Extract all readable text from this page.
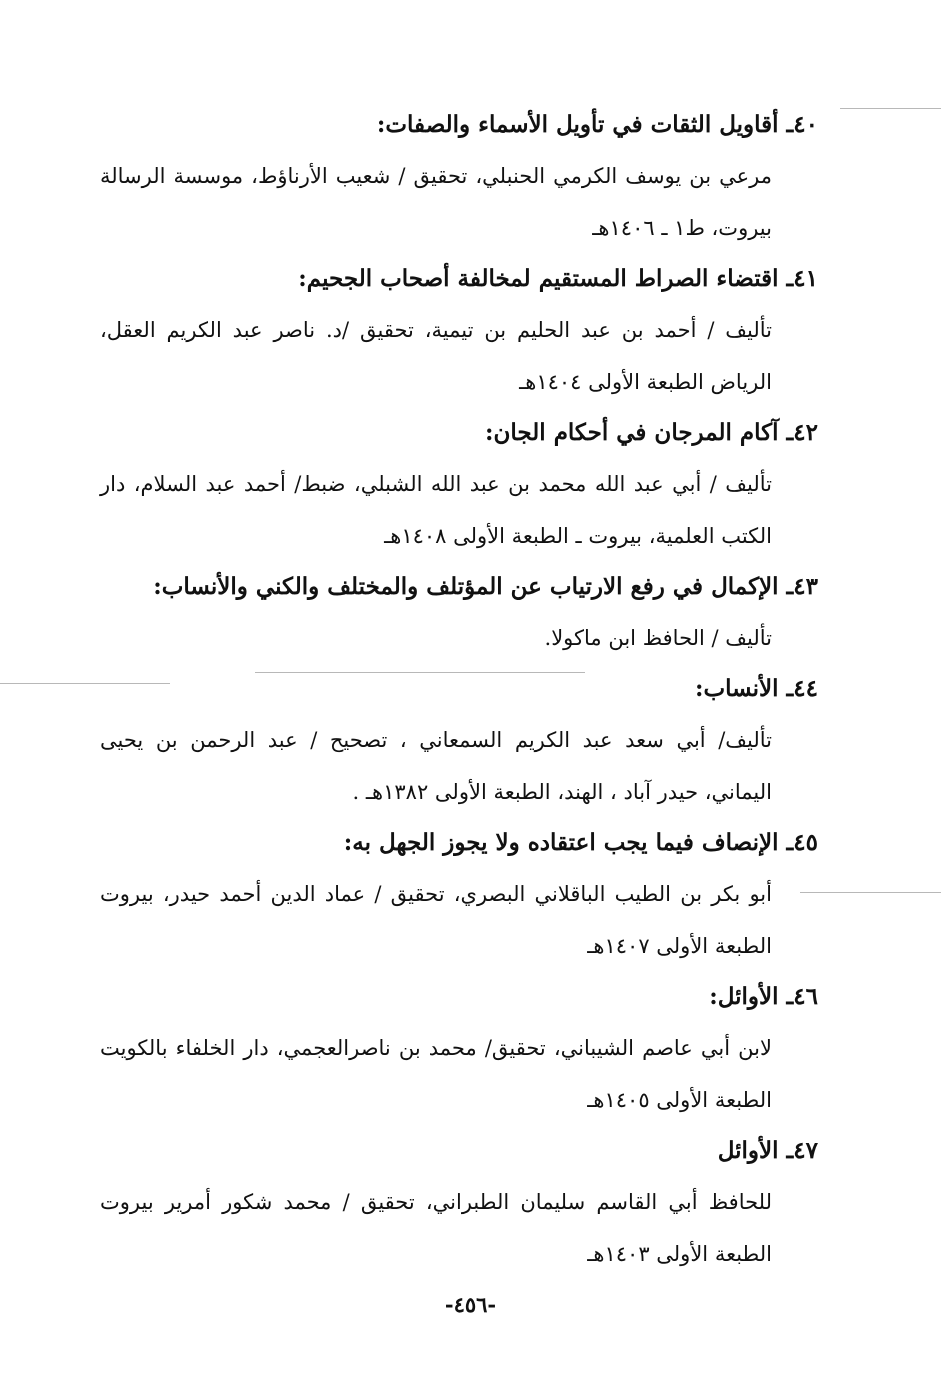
٤٠ـ أقاويل الثقات في تأويل الأسماء والصفات:
مرعي بن يوسف الكرمي الحنبلي، تحقيق / شعيب الأرناؤط، موسسة الرسالة بيروت، ط١ ـ ١٤٠٦هـ
٤١ـ اقتضاء الصراط المستقيم لمخالفة أصحاب الجحيم:
تأليف / أحمد بن عبد الحليم بن تيمية، تحقيق /د. ناصر عبد الكريم العقل، الرياض الطبعة الأولى ١٤٠٤هـ
٤٢ـ آكام المرجان في أحكام الجان:
تأليف / أبي عبد الله محمد بن عبد الله الشبلي، ضبط/ أحمد عبد السلام، دار الكتب العلمية، بيروت ـ الطبعة الأولى ١٤٠٨هـ
٤٣ـ الإكمال في رفع الارتياب عن المؤتلف والمختلف والكني والأنساب:
تأليف / الحافظ ابن ماكولا.
٤٤ـ الأنساب:
تأليف/ أبي سعد عبد الكريم السمعاني ، تصحيح / عبد الرحمن بن يحيى اليماني، حيدر آباد ، الهند، الطبعة الأولى ١٣٨٢هـ .
٤٥ـ الإنصاف فيما يجب اعتقاده ولا يجوز الجهل به:
أبو بكر بن الطيب الباقلاني البصري، تحقيق / عماد الدين أحمد حيدر، بيروت الطبعة الأولى ١٤٠٧هـ
٤٦ـ الأوائل:
لابن أبي عاصم الشيباني، تحقيق/ محمد بن ناصرالعجمي، دار الخلفاء بالكويت الطبعة الأولى ١٤٠٥هـ
٤٧ـ الأوائل
للحافظ أبي القاسم سليمان الطبراني، تحقيق / محمد شكور أمرير بيروت الطبعة الأولى ١٤٠٣هـ
-٤٥٦-
